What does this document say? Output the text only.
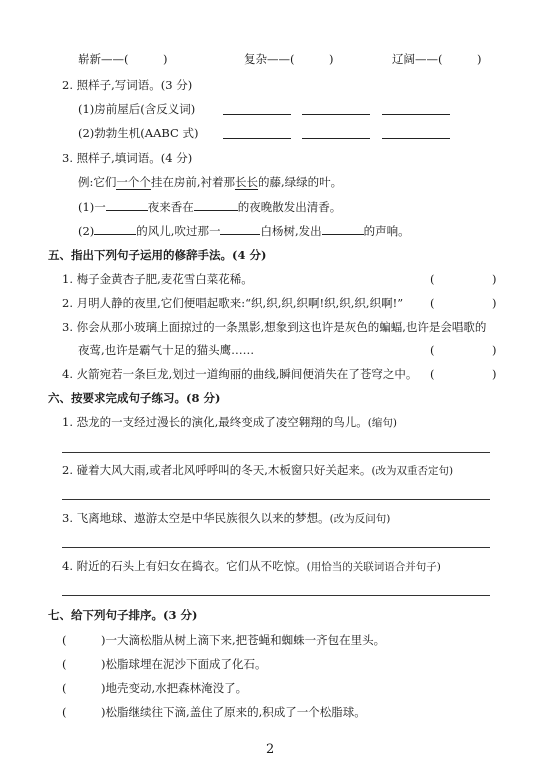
崭新——(　　　)	复杂——(　　　)	辽阔——(　　　)
2. 照样子,写词语。(3 分)
(1)房前屋后(含反义词)
(2)勃勃生机(AABC 式)
3. 照样子,填词语。(4 分)
例:它们一个个挂在房前,衬着那长长的藤,绿绿的叶。
(1)一	夜来香在	的夜晚散发出清香。
(2)	的风儿,吹过那一	白杨树,发出	的声响。
五、指出下列句子运用的修辞手法。(4 分)
1. 梅子金黄杏子肥,麦花雪白菜花稀。	(　　　　　)
2. 月明人静的夜里,它们便唱起歌来:“织,织,织,织啊!织,织,织,织啊!” (　　　　　)
3. 你会从那小玻璃上面掠过的一条黑影,想象到这也许是灰色的蝙蝠,也许是会唱歌的
夜莺,也许是霸气十足的猫头鹰……	(　　　　　)
4. 火箭宛若一条巨龙,划过一道绚丽的曲线,瞬间便消失在了苍穹之中。 (　　　　　)
六、按要求完成句子练习。(8 分)
1. 恐龙的一支经过漫长的演化,最终变成了凌空翱翔的鸟儿。(缩句)
2. 碰着大风大雨,或者北风呼呼叫的冬天,木板窗只好关起来。(改为双重否定句)
3. 飞离地球、遨游太空是中华民族很久以来的梦想。(改为反问句)
4. 附近的石头上有妇女在捣衣。它们从不吃惊。(用恰当的关联词语合并句子)
七、给下列句子排序。(3 分)
(　　　)一大滴松脂从树上滴下来,把苍蝇和蜘蛛一齐包在里头。
(　　　)松脂球埋在泥沙下面成了化石。
(　　　)地壳变动,水把森林淹没了。
(　　　)松脂继续往下滴,盖住了原来的,积成了一个松脂球。
2
